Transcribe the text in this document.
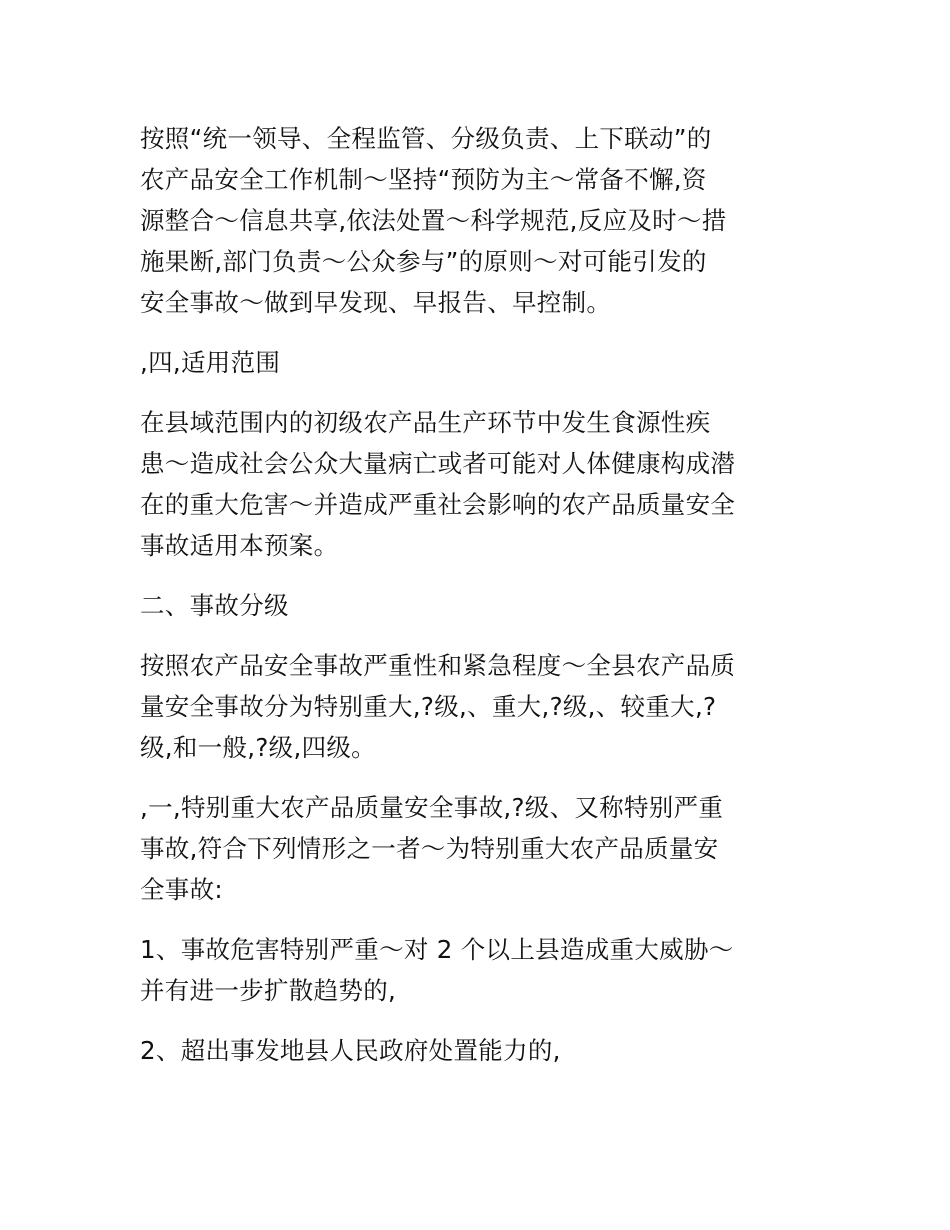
按照“统一领导、全程监管、分级负责、上下联动”的
农产品安全工作机制～坚持“预防为主～常备不懈,资
源整合～信息共享,依法处置～科学规范,反应及时～措
施果断,部门负责～公众参与”的原则～对可能引发的
安全事故～做到早发现、早报告、早控制。

,四,适用范围

在县域范围内的初级农产品生产环节中发生食源性疾
患～造成社会公众大量病亡或者可能对人体健康构成潜
在的重大危害～并造成严重社会影响的农产品质量安全
事故适用本预案。

二、事故分级

按照农产品安全事故严重性和紧急程度～全县农产品质
量安全事故分为特别重大,?级,、重大,?级,、较重大,?
级,和一般,?级,四级。

,一,特别重大农产品质量安全事故,?级、又称特别严重
事故,符合下列情形之一者～为特别重大农产品质量安
全事故:

1、事故危害特别严重～对 2 个以上县造成重大威胁～
并有进一步扩散趋势的,

2、超出事发地县人民政府处置能力的,
